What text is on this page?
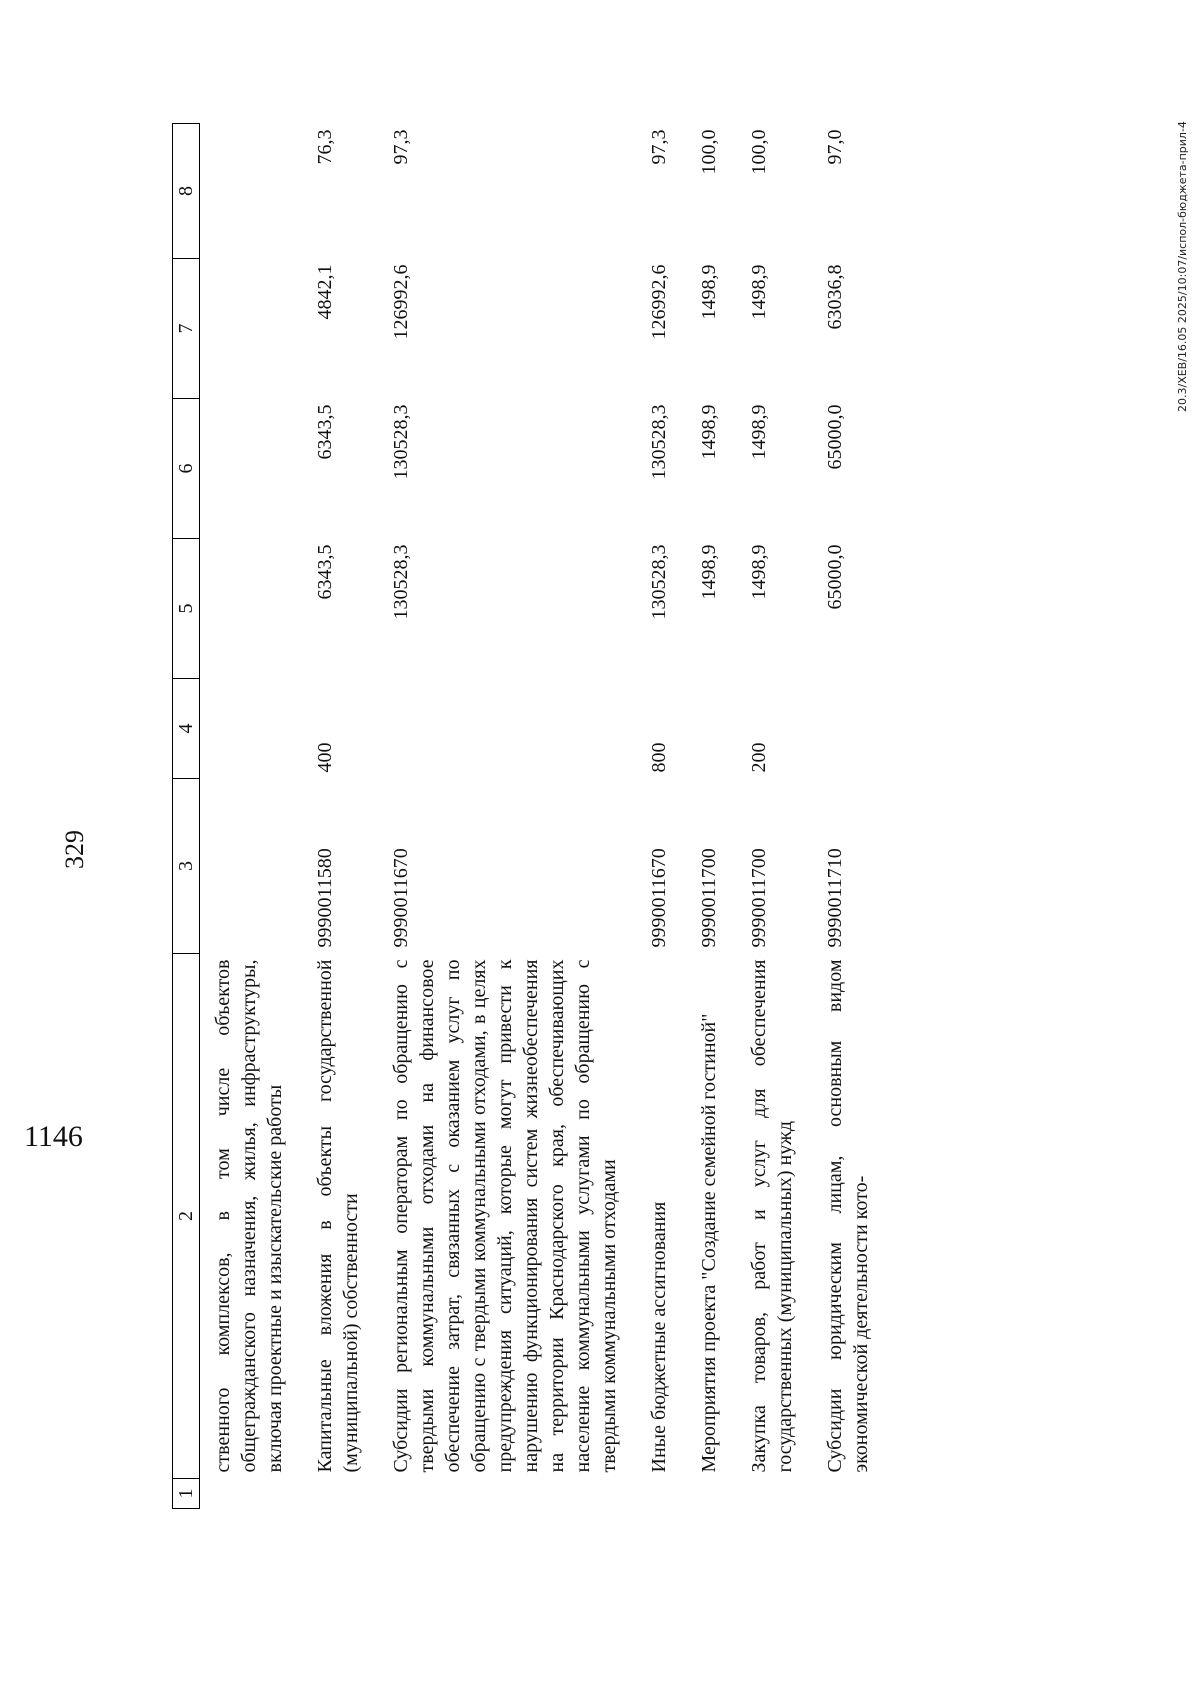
329
1	2	3	4	5	6	7	8
	ственного комплексов, в том числе объектов общегражданского назначения, жилья, инфраструктуры, включая проектные и изыскательские работы						
	Капитальные вложения в объекты государственной (муниципальной) собственности	9990011580	400	6343,5	6343,5	4842,1	76,3
	Субсидии региональным операторам по обращению с твердыми коммунальными отходами на финансовое обеспечение затрат, связанных с оказанием услуг по обращению с твердыми коммунальными отходами, в целях предупреждения ситуаций, которые могут привести к нарушению функционирования систем жизнеобеспечения на территории Краснодарского края, обеспечивающих население коммунальными услугами по обращению с твердыми коммунальными отходами	9990011670		130528,3	130528,3	126992,6	97,3
	Иные бюджетные ассигнования	9990011670	800	130528,3	130528,3	126992,6	97,3
	Мероприятия проекта "Создание семейной гостиной"	9990011700		1498,9	1498,9	1498,9	100,0
	Закупка товаров, работ и услуг для обеспечения государственных (муниципальных) нужд	9990011700	200	1498,9	1498,9	1498,9	100,0
	Субсидии юридическим лицам, основным видом экономической деятельности кото-	9990011710		65000,0	65000,0	63036,8	97,0	20.3/ХЕВ/16.05 2025/10:07/испол-бюджета-прил-4
1146
